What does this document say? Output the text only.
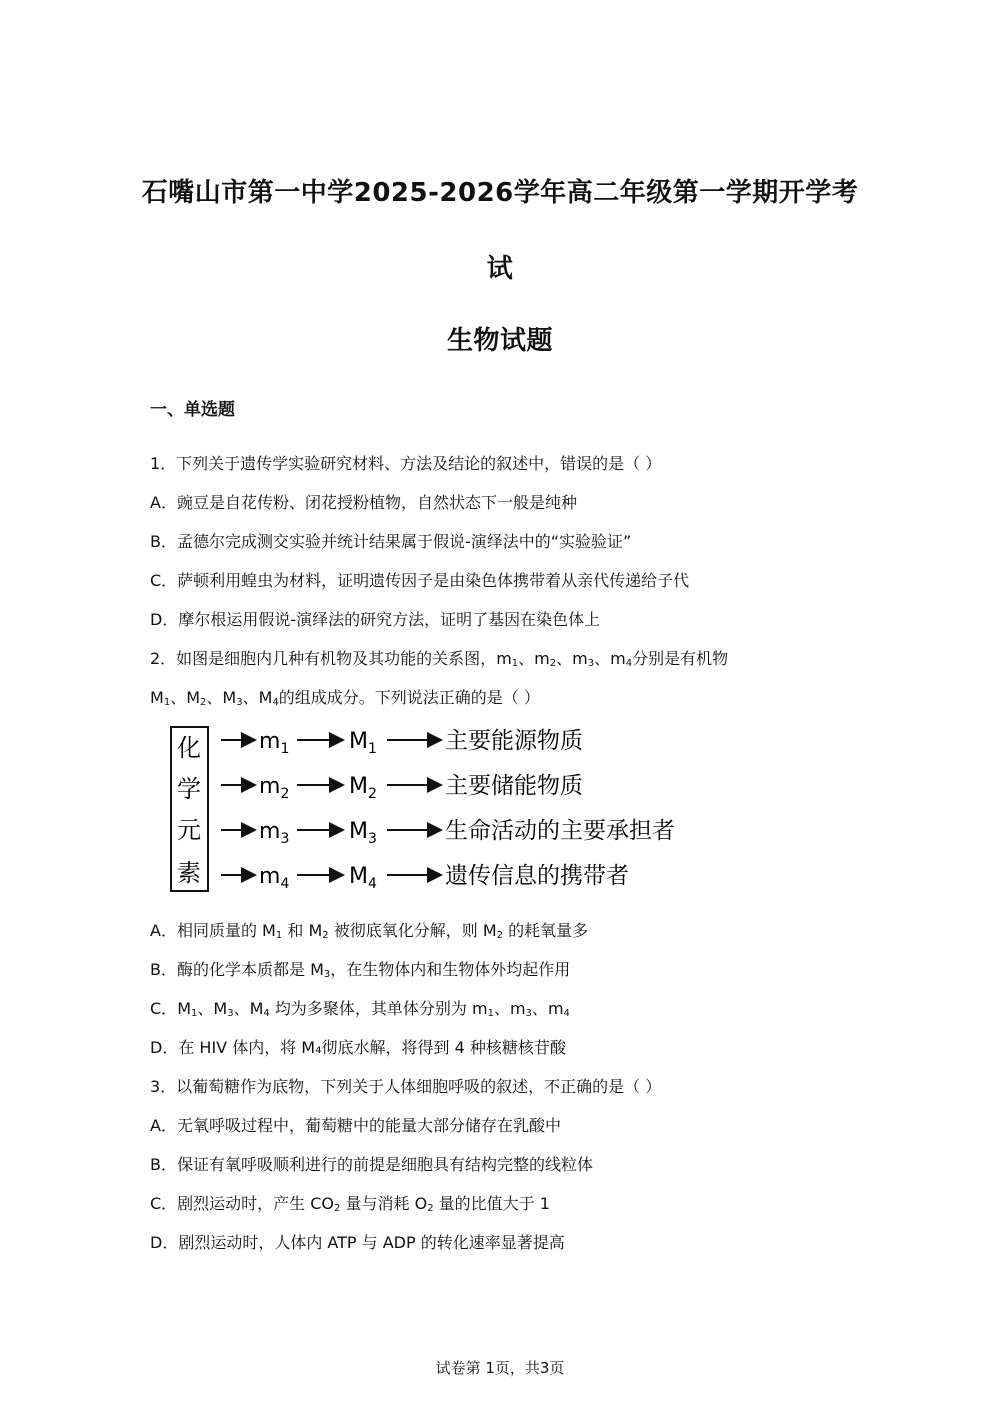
石嘴山市第一中学2025-2026学年高二年级第一学期开学考
试
生物试题
一、单选题
1．下列关于遗传学实验研究材料、方法及结论的叙述中，错误的是（ ）
A．豌豆是自花传粉、闭花授粉植物，自然状态下一般是纯种
B．孟德尔完成测交实验并统计结果属于假说-演绎法中的“实验验证”
C．萨顿利用蝗虫为材料，证明遗传因子是由染色体携带着从亲代传递给子代
D．摩尔根运用假说-演绎法的研究方法，证明了基因在染色体上
2．如图是细胞内几种有机物及其功能的关系图，$m_1$、$m_2$、$m_3$、$m_4$分别是有机物
$M_1$、$M_2$、$M_3$、$M_4$的组成成分。下列说法正确的是（ ）
化
学
元
素
$m_1$	$M_1$	主要能源物质
$m_2$	$M_2$	主要储能物质
$m_3$	$M_3$	生命活动的主要承担者
$m_4$	$M_4$	遗传信息的携带者
A．相同质量的 $M_1$ 和 $M_2$ 被彻底氧化分解，则 $M_2$ 的耗氧量多
B．酶的化学本质都是 $M_3$，在生物体内和生物体外均起作用
C．$M_1$、$M_3$、$M_4$ 均为多聚体，其单体分别为 $m_1$、$m_3$、$m_4$
D．在 HIV 体内，将 M₄彻底水解，将得到 4 种核糖核苷酸
3．以葡萄糖作为底物，下列关于人体细胞呼吸的叙述，不正确的是（ ）
A．无氧呼吸过程中，葡萄糖中的能量大部分储存在乳酸中
B．保证有氧呼吸顺利进行的前提是细胞具有结构完整的线粒体
C．剧烈运动时，产生 $CO_2$ 量与消耗 $O_2$ 量的比值大于 1
D．剧烈运动时，人体内 ATP 与 ADP 的转化速率显著提高
试卷第 1页，共3页
